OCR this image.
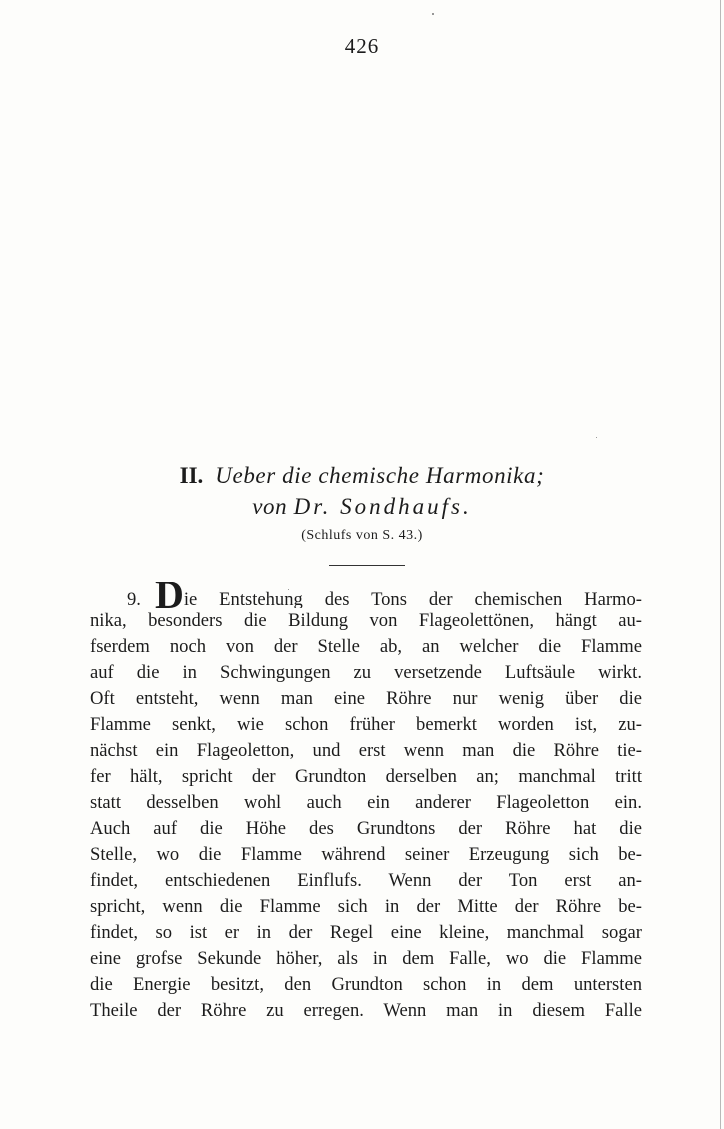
426
II. Ueber die chemische Harmonika;
von Dr. Sondhaufs.
(Schlufs von S. 43.)
9. Die Entstehung des Tons der chemischen Harmo-
nika, besonders die Bildung von Flageolettönen, hängt au-
fserdem noch von der Stelle ab, an welcher die Flamme
auf die in Schwingungen zu versetzende Luftsäule wirkt.
Oft entsteht, wenn man eine Röhre nur wenig über die
Flamme senkt, wie schon früher bemerkt worden ist, zu-
nächst ein Flageoletton, und erst wenn man die Röhre tie-
fer hält, spricht der Grundton derselben an; manchmal tritt
statt desselben wohl auch ein anderer Flageoletton ein.
Auch auf die Höhe des Grundtons der Röhre hat die
Stelle, wo die Flamme während seiner Erzeugung sich be-
findet, entschiedenen Einflufs. Wenn der Ton erst an-
spricht, wenn die Flamme sich in der Mitte der Röhre be-
findet, so ist er in der Regel eine kleine, manchmal sogar
eine grofse Sekunde höher, als in dem Falle, wo die Flamme
die Energie besitzt, den Grundton schon in dem untersten
Theile der Röhre zu erregen. Wenn man in diesem Falle
